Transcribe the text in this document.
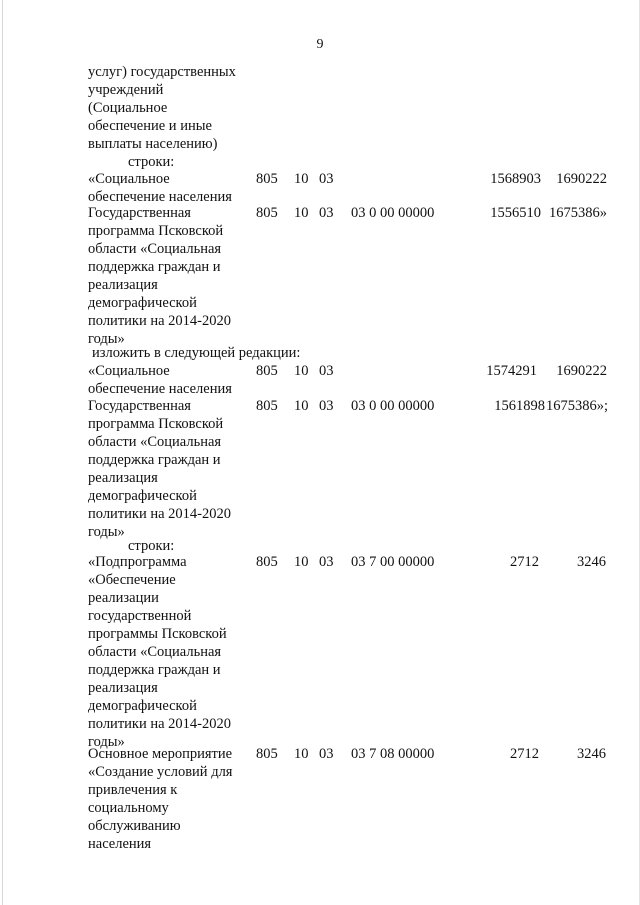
9
услуг) государственных
учреждений
(Социальное
обеспечение и иные
выплаты населению)
строки:
«Социальное
обеспечение населения
805 10 03	1568903	1690222
Государственная
программа Псковской
области «Социальная
поддержка граждан и
реализация
демографической
политики на 2014-2020
годы»
805 10 03 03 0 00 00000	1556510 1675386»
изложить в следующей редакции:
«Социальное
обеспечение населения
805 10 03	1574291	1690222
Государственная
программа Псковской
области «Социальная
поддержка граждан и
реализация
демографической
политики на 2014-2020
годы»
805 10 03 03 0 00 00000	1561898 1675386»;
строки:
«Подпрограмма
«Обеспечение
реализации
государственной
программы Псковской
области «Социальная
поддержка граждан и
реализация
демографической
политики на 2014-2020
годы»
805 10 03 03 7 00 00000	2712	3246
Основное мероприятие
«Создание условий для
привлечения к
социальному
обслуживанию
населения
805 10 03 03 7 08 00000	2712	3246
